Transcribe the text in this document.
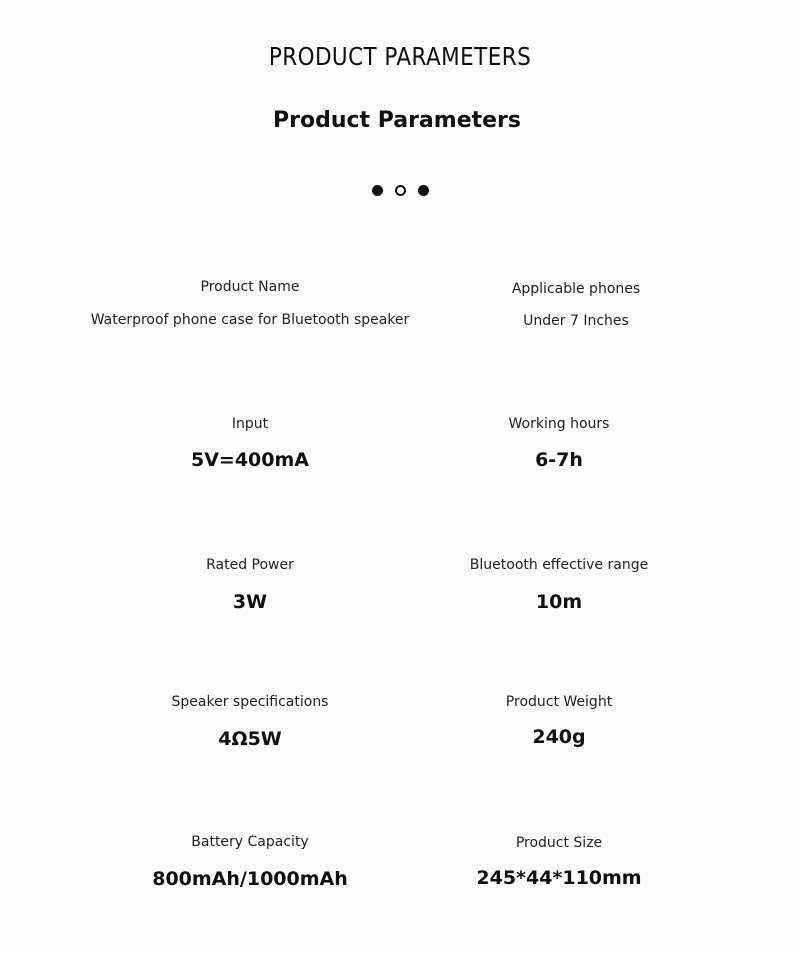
PRODUCT PARAMETERS
Product Parameters
Product Name
Waterproof phone case for Bluetooth speaker
Applicable phones
Under 7 Inches
Input
5V=400mA
Working hours
6-7h
Rated Power
3W
Bluetooth effective range
10m
Speaker specifications
4Ω5W
Product Weight
240g
Battery Capacity
800mAh/1000mAh
Product Size
245*44*110mm
